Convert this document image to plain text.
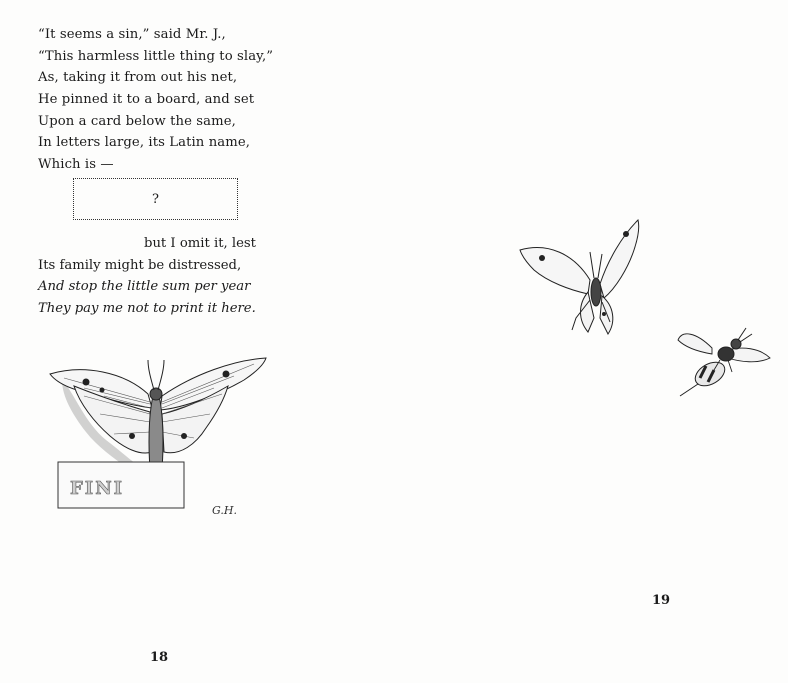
“It seems a sin,” said Mr. J.,
“This harmless little thing to slay,”
As, taking it from out his net,
He pinned it to a board, and set
Upon a card below the same,
In letters large, its Latin name,
Which is —
?
but I omit it, lest
Its family might be distressed,
And stop the little sum per year
They pay me not to print it here.
FINI
G.H.
18
19
